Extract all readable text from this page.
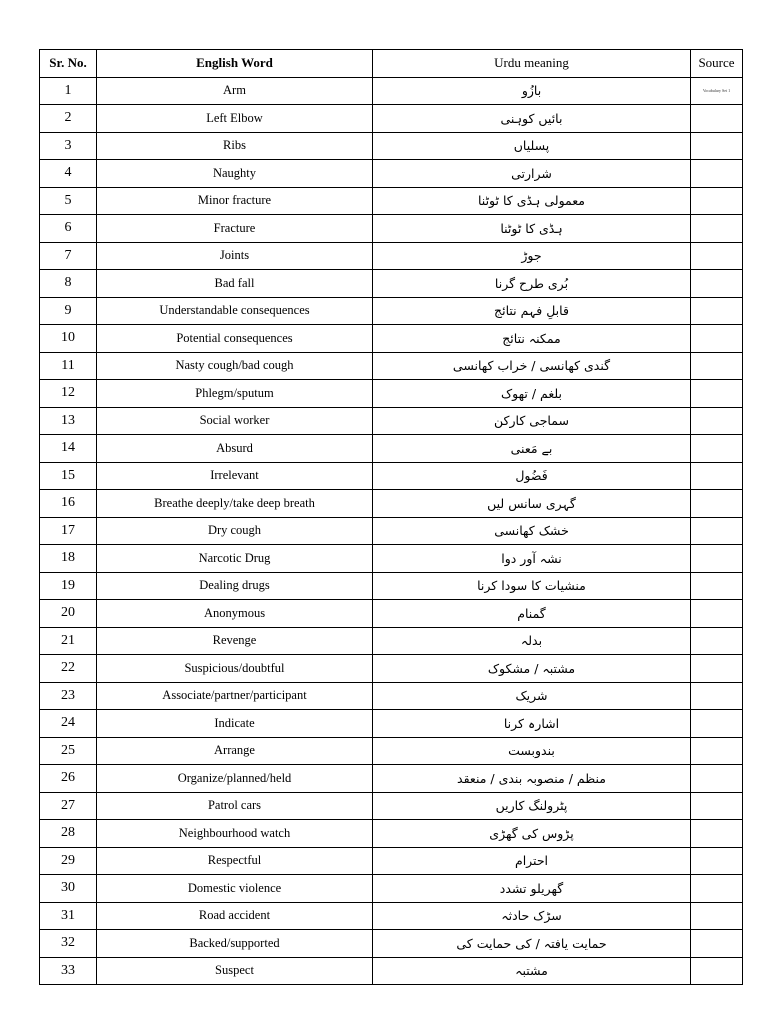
Sr. No.	English Word	Urdu meaning	Source
1	Arm	بازُو	Vocabulary Set 1
2	Left Elbow	بائیں کوہنی	
3	Ribs	پسلیاں	
4	Naughty	شرارتی	
5	Minor fracture	معمولی ہڈی کا ٹوٹنا	
6	Fracture	ہڈی کا ٹوٹنا	
7	Joints	جوڑ	
8	Bad fall	بُری طرح گرنا	
9	Understandable consequences	قابلِ فہم نتائج	
10	Potential consequences	ممکنہ نتائج	
11	Nasty cough/bad cough	گندی کھانسی / خراب کھانسی	
12	Phlegm/sputum	بلغم / تھوک	
13	Social worker	سماجی کارکن	
14	Absurd	بے مَعنی	
15	Irrelevant	فَضُول	
16	Breathe deeply/take deep breath	گہری سانس لیں	
17	Dry cough	خشک کھانسی	
18	Narcotic Drug	نشہ آور دوا	
19	Dealing drugs	منشیات کا سودا کرنا	
20	Anonymous	گمنام	
21	Revenge	بدلہ	
22	Suspicious/doubtful	مشتبہ / مشکوک	
23	Associate/partner/participant	شریک	
24	Indicate	اشارہ کرنا	
25	Arrange	بندوبست	
26	Organize/planned/held	منظم / منصوبہ بندی / منعقد	
27	Patrol cars	پٹرولنگ کاریں	
28	Neighbourhood watch	پڑوس کی گھڑی	
29	Respectful	احترام	
30	Domestic violence	گھریلو تشدد	
31	Road accident	سڑک حادثہ	
32	Backed/supported	حمایت یافتہ / کی حمایت کی	
33	Suspect	مشتبہ	
